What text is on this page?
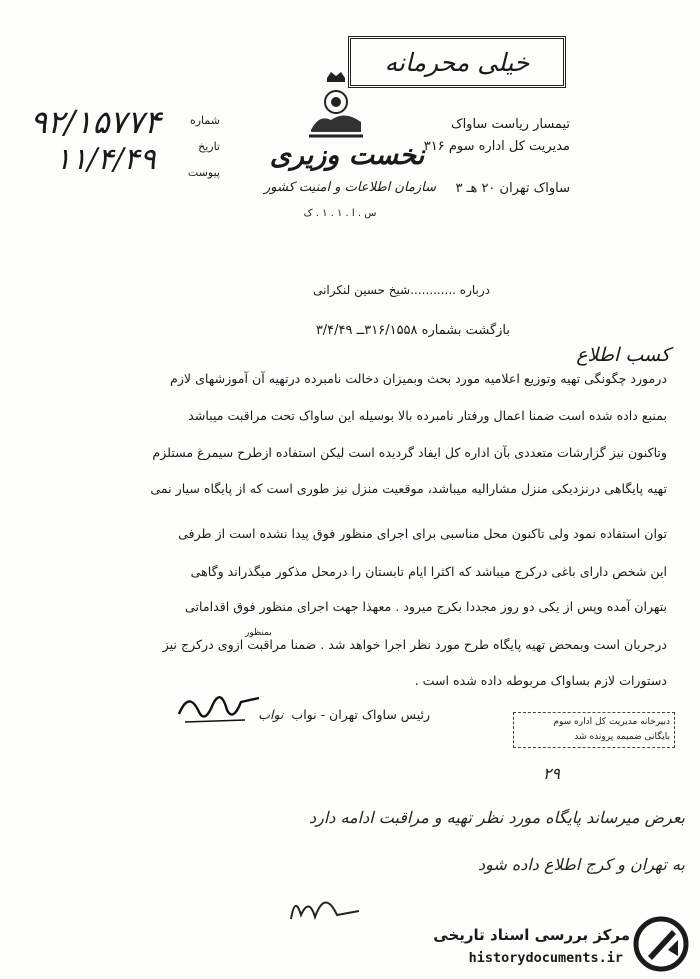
خیلی محرمانه
۹۲/۱۵۷۷۴
۱۱/۴/۴۹
شماره
تاریخ
پیوست
نخست وزیری
سازمان اطلاعات و امنیت کشور
س . ا . ۱ . ۱ . ک
تیمسار ریاست ساواک
مدیریت کل اداره سوم ۳۱۶
ساواک تهران ۲۰ هـ ۳
درباره ............شیخ حسین لنکرانی
بازگشت بشماره ۳۱۶/۱۵۵۸ــ ۳/۴/۴۹
کسب اطلاع
درمورد چگونگی تهیه وتوزیع اعلامیه مورد بحث وبمیزان دخالت نامبرده درتهیه آن آموزشهای لازم
بمنبع داده شده است ضمنا اعمال ورفتار نامبرده بالا بوسیله این ساواک تحت مراقبت میباشد
وتاکنون نیز گزارشات متعددی بآن اداره کل ایفاد گردیده است لیکن استفاده ازطرح سیمرغ مستلزم
تهیه پایگاهی درنزدیکی منزل مشارالیه میباشد، موقعیت منزل نیز طوری است که از پایگاه سیار نمی
توان استفاده نمود ولی تاکنون محل مناسبی برای اجرای منظور فوق پیدا نشده است از طرفی
این شخص دارای باغی درکرج میباشد که اکثرا ایام تابستان را درمحل مذکور میگذراند وگاهی
بتهران آمده وپس از یکی دو روز مجددا بکرج میرود . معهذا جهت اجرای منظور فوق اقداماتی
درجریان است وبمحض تهیه پایگاه طرح مورد نظر اجرا خواهد شد . ضمنا مراقبت ازوی درکرج نیز
بمنظور
دستورات لازم بساواک مربوطه داده شده است .
رئیس ساواک تهران - نواب نواب	دبیرخانه مدیریت کل اداره سوم
بایگانی ضمیمه پرونده شد
۲۹
بعرض میرساند پایگاه مورد نظر تهیه و مراقبت ادامه دارد
به تهران و کرج اطلاع داده شود
مرکز بررسی اسناد تاریخی
historydocuments.ir
